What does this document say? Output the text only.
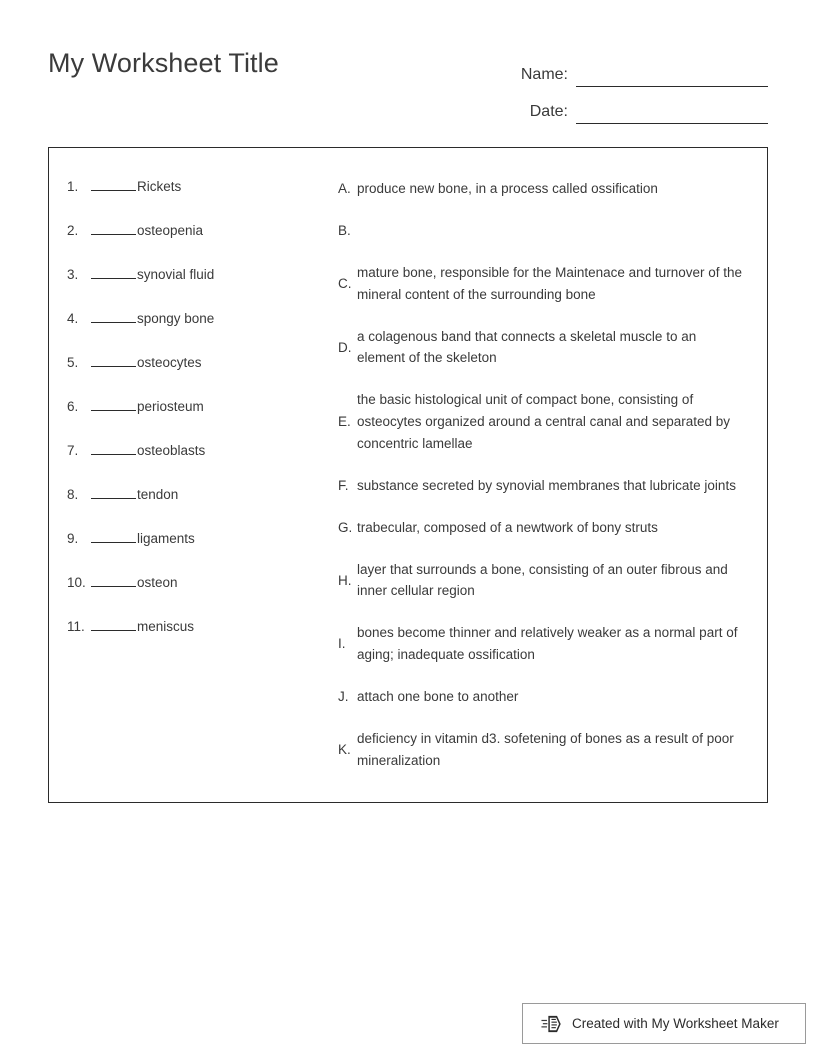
My Worksheet Title	Name:
Date:
1.	Rickets
2.	osteopenia
3.	synovial fluid
4.	spongy bone
5.	osteocytes
6.	periosteum
7.	osteoblasts
8.	tendon
9.	ligaments
10.	osteon
11.	meniscus
A. produce new bone, in a process called ossification
B.
C.
mature bone, responsible for the Maintenace and turnover of the mineral content of the surrounding bone
D.
a colagenous band that connects a skeletal muscle to an element of the skeleton
E.
the basic histological unit of compact bone, consisting of osteocytes organized around a central canal and separated by concentric lamellae
F. substance secreted by synovial membranes that lubricate joints
G. trabecular, composed of a newtwork of bony struts
H.
layer that surrounds a bone, consisting of an outer fibrous and inner cellular region
I.
bones become thinner and relatively weaker as a normal part of aging; inadequate ossification
J. attach one bone to another
K.
deficiency in vitamin d3. sofetening of bones as a result of poor mineralization
Created with My Worksheet Maker
